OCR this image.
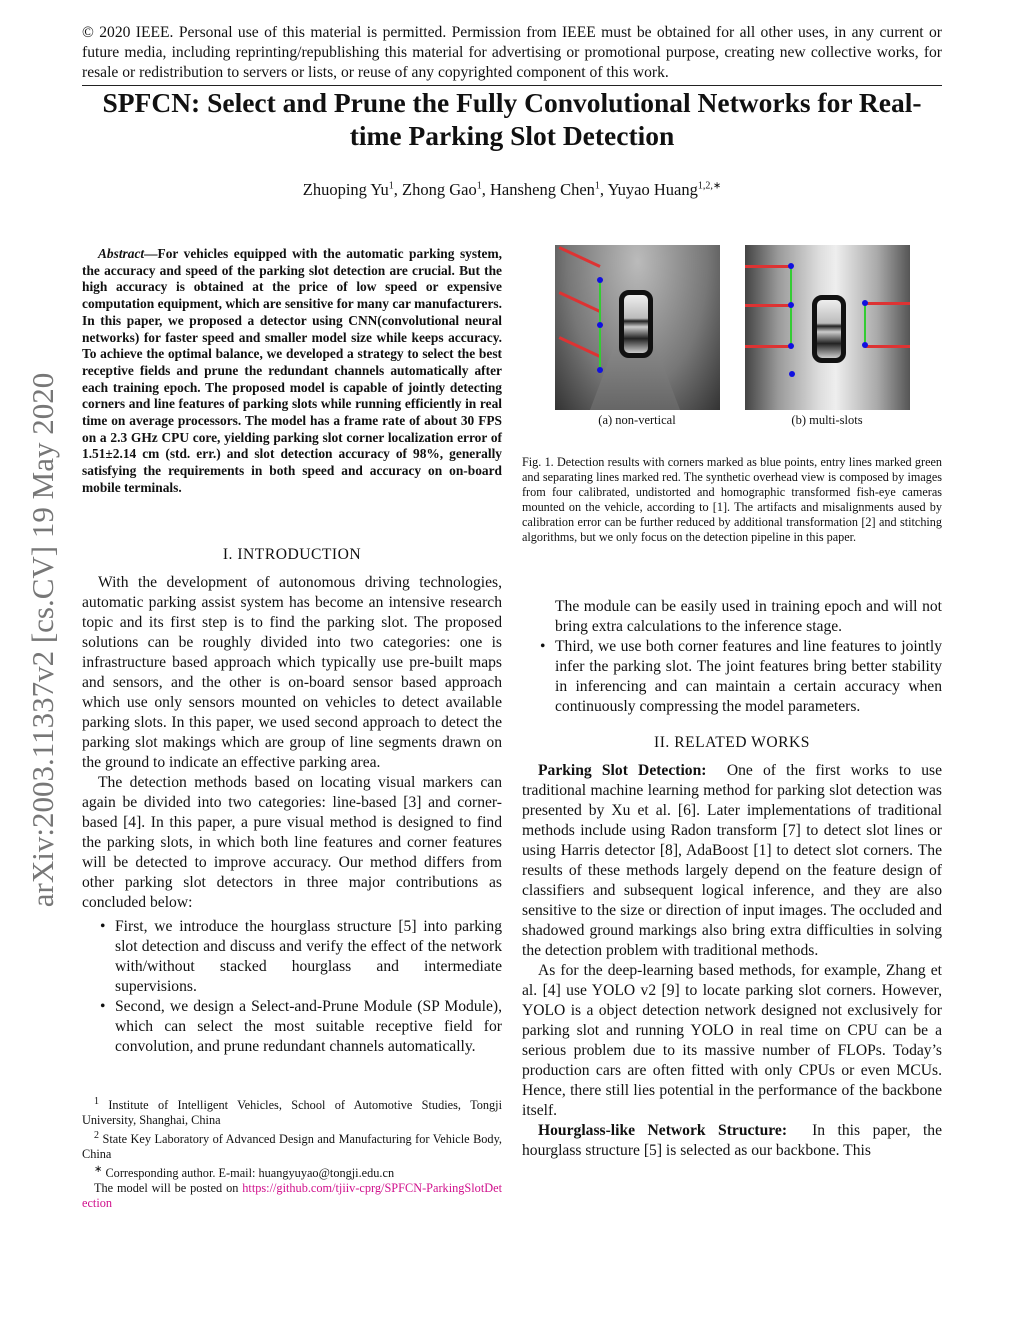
arXiv:2003.11337v2 [cs.CV] 19 May 2020
© 2020 IEEE. Personal use of this material is permitted. Permission from IEEE must be obtained for all other uses, in any current or future media, including reprinting/republishing this material for advertising or promotional purpose, creating new collective works, for resale or redistribution to servers or lists, or reuse of any copyrighted component of this work.
SPFCN: Select and Prune the Fully Convolutional Networks for Real-time Parking Slot Detection
Zhuoping Yu$^1$, Zhong Gao$^1$, Hansheng Chen$^1$, Yuyao Huang$^{1,2,∗}$
Abstract—For vehicles equipped with the automatic parking system, the accuracy and speed of the parking slot detection are crucial. But the high accuracy is obtained at the price of low speed or expensive computation equipment, which are sensitive for many car manufacturers. In this paper, we proposed a detector using CNN(convolutional neural networks) for faster speed and smaller model size while keeps accuracy. To achieve the optimal balance, we developed a strategy to select the best receptive fields and prune the redundant channels automatically after each training epoch. The proposed model is capable of jointly detecting corners and line features of parking slots while running efficiently in real time on average processors. The model has a frame rate of about 30 FPS on a 2.3 GHz CPU core, yielding parking slot corner localization error of 1.51±2.14 cm (std. err.) and slot detection accuracy of 98%, generally satisfying the requirements in both speed and accuracy on on-board mobile terminals.
I. INTRODUCTION

With the development of autonomous driving technologies, automatic parking assist system has become an intensive research topic and its first step is to find the parking slot. The proposed solutions can be roughly divided into two categories: one is infrastructure based approach which typically use pre-built maps and sensors, and the other is on-board sensor based approach which use only sensors mounted on vehicles to detect available parking slots. In this paper, we used second approach to detect the parking slot makings which are group of line segments drawn on the ground to indicate an effective parking area.

The detection methods based on locating visual markers can again be divided into two categories: line-based [3] and corner-based [4]. In this paper, a pure visual method is designed to find the parking slots, in which both line features and corner features will be detected to improve accuracy. Our method differs from other parking slot detectors in three major contributions as concluded below:

• First, we introduce the hourglass structure [5] into parking slot detection and discuss and verify the effect of the network with/without stacked hourglass and intermediate supervisions.
• Second, we design a Select-and-Prune Module (SP Module), which can select the most suitable receptive field for convolution, and prune redundant channels automatically.

$^1$ Institute of Intelligent Vehicles, School of Automotive Studies, Tongji University, Shanghai, China

$^2$ State Key Laboratory of Advanced Design and Manufacturing for Vehicle Body, China

∗ Corresponding author. E-mail: huangyuyao@tongji.edu.cn

The model will be posted on https://github.com/tjiiv-cprg/SPFCN-ParkingSlotDetection

(a) non-vertical	(b) multi-slots
Fig. 1. Detection results with corners marked as blue points, entry lines marked green and separating lines marked red. The synthetic overhead view is composed by images from four calibrated, undistorted and homographic transformed fish-eye cameras mounted on the vehicle, according to [1]. The artifacts and misalignments aused by calibration error can be further reduced by additional transformation [2] and stitching algorithms, but we only focus on the detection pipeline in this paper.
The module can be easily used in training epoch and will not bring extra calculations to the inference stage.
• Third, we use both corner features and line features to jointly infer the parking slot. The joint features bring better stability in inferencing and can maintain a certain accuracy when continuously compressing the model parameters.
II. RELATED WORKS

Parking Slot Detection: One of the first works to use traditional machine learning method for parking slot detection was presented by Xu et al. [6]. Later implementations of traditional methods include using Radon transform [7] to detect slot lines or using Harris detector [8], AdaBoost [1] to detect slot corners. The results of these methods largely depend on the feature design of classifiers and subsequent logical inference, and they are also sensitive to the size or direction of input images. The occluded and shadowed ground markings also bring extra difficulties in solving the detection problem with traditional methods.

As for the deep-learning based methods, for example, Zhang et al. [4] use YOLO v2 [9] to locate parking slot corners. However, YOLO is a object detection network designed not exclusively for parking slot and running YOLO in real time on CPU can be a serious problem due to its massive number of FLOPs. Today’s production cars are often fitted with only CPUs or even MCUs. Hence, there still lies potential in the performance of the backbone itself.

Hourglass-like Network Structure: In this paper, the hourglass structure [5] is selected as our backbone. This
